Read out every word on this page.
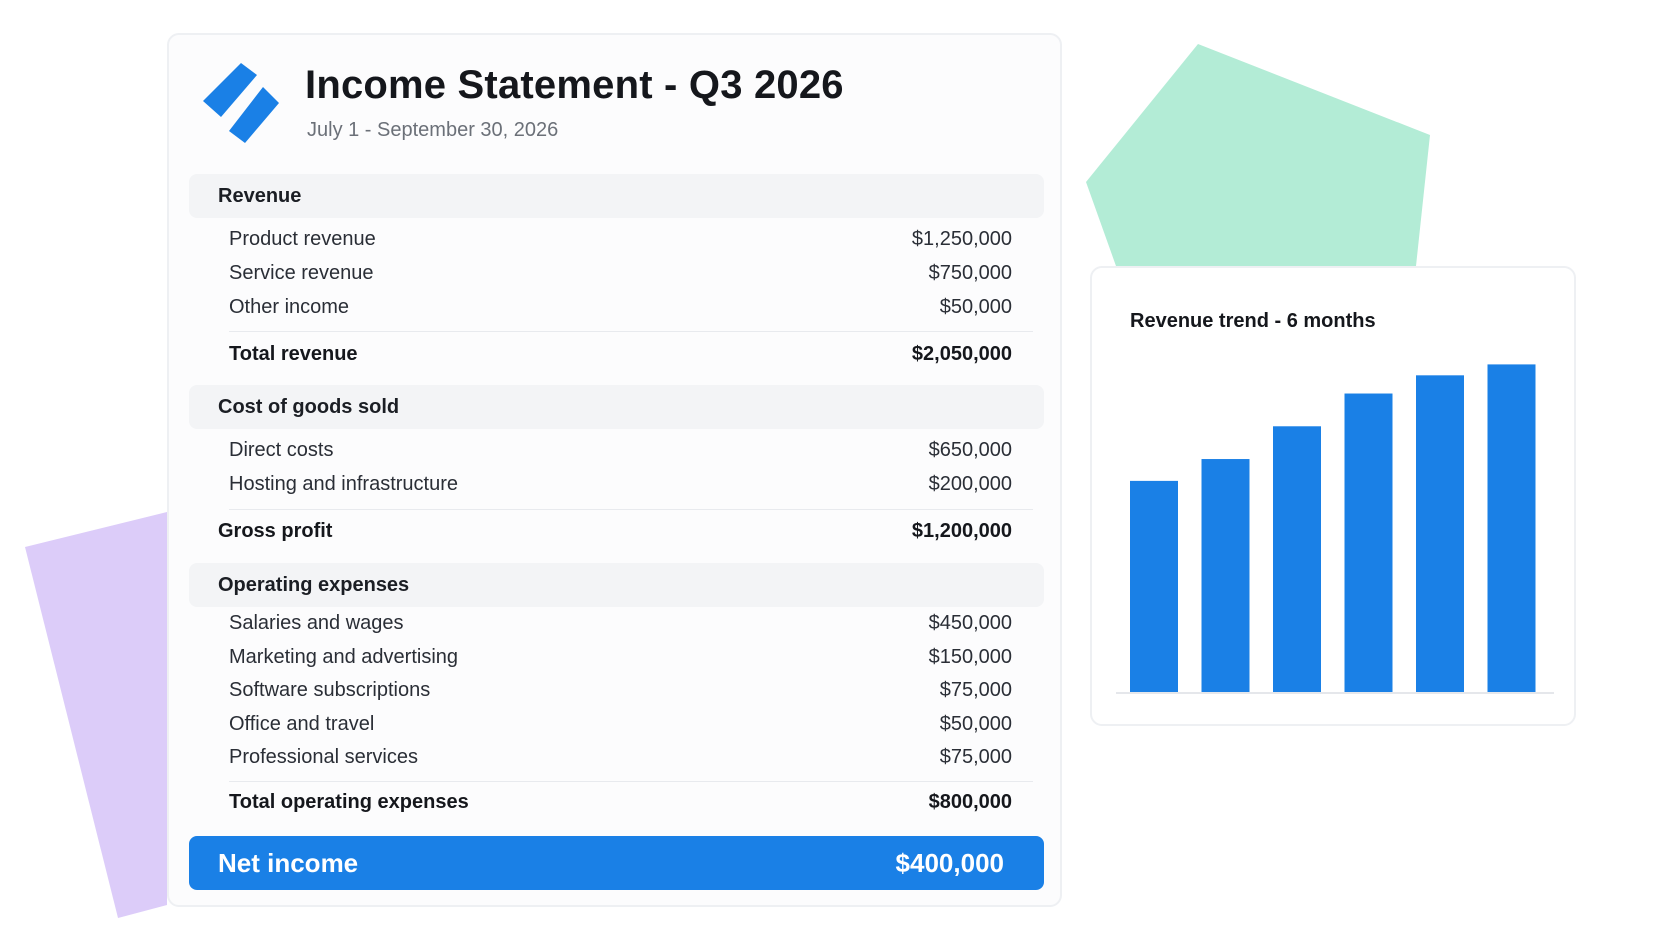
Income Statement - Q3 2026
July 1 - September 30, 2026
Revenue
Product revenue	$1,250,000
Service revenue	$750,000
Other income	$50,000
Total revenue	$2,050,000
Cost of goods sold
Direct costs	$650,000
Hosting and infrastructure	$200,000
Gross profit	$1,200,000
Operating expenses
Salaries and wages	$450,000
Marketing and advertising	$150,000
Software subscriptions	$75,000
Office and travel	$50,000
Professional services	$75,000
Total operating expenses	$800,000
Net income	$400,000
Revenue trend - 6 months
